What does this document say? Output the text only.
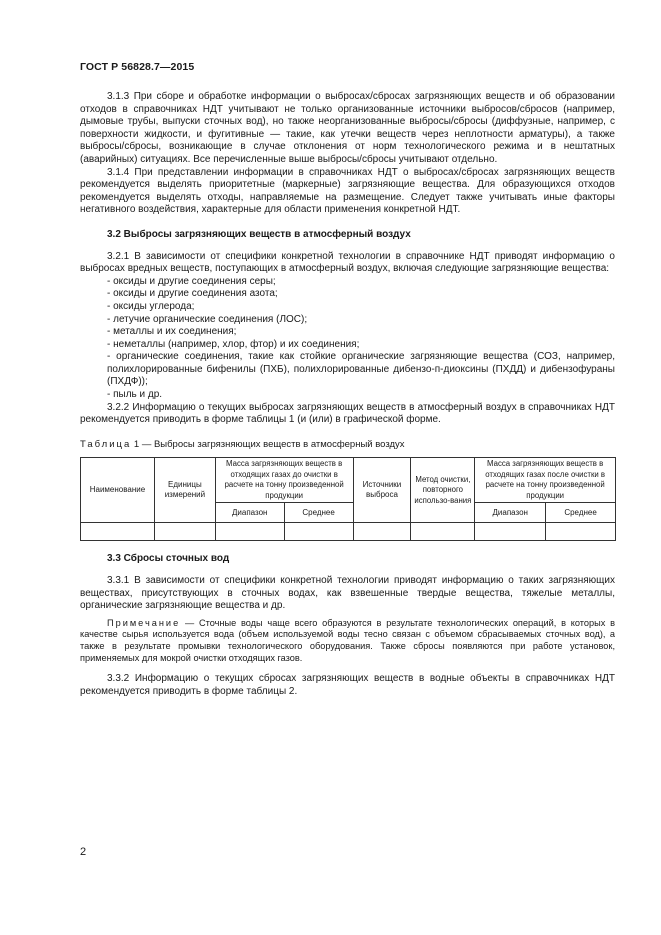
ГОСТ Р 56828.7—2015

3.1.3 При сборе и обработке информации о выбросах/сбросах загрязняющих веществ и об образовании отходов в справочниках НДТ учитывают не только организованные источники выбросов/сбросов (например, дымовые трубы, выпуски сточных вод), но также неорганизованные выбросы/сбросы (диффузные, например, с поверхности жидкости, и фугитивные — такие, как утечки веществ через неплотности арматуры), а также выбросы/сбросы, возникающие в случае отклонения от норм технологического режима и в нештатных (аварийных) ситуациях. Все перечисленные выше выбросы/сбросы учитывают отдельно.

3.1.4 При представлении информации в справочниках НДТ о выбросах/сбросах загрязняющих веществ рекомендуется выделять приоритетные (маркерные) загрязняющие вещества. Для образующихся отходов рекомендуется выделять отходы, направляемые на размещение. Следует также учитывать иные факторы негативного воздействия, характерные для области применения конкретной НДТ.

3.2 Выбросы загрязняющих веществ в атмосферный воздух

3.2.1 В зависимости от специфики конкретной технологии в справочнике НДТ приводят информацию о выбросах вредных веществ, поступающих в атмосферный воздух, включая следующие загрязняющие вещества:

- оксиды и другие соединения серы;
- оксиды и другие соединения азота;
- оксиды углерода;
- летучие органические соединения (ЛОС);
- металлы и их соединения;
- неметаллы (например, хлор, фтор) и их соединения;
- органические соединения, такие как стойкие органические загрязняющие вещества (СОЗ, например, полихлорированные бифенилы (ПХБ), полихлорированные дибензо-п-диоксины (ПХДД) и дибензофураны (ПХДФ));
- пыль и др.

3.2.2 Информацию о текущих выбросах загрязняющих веществ в атмосферный воздух в справочниках НДТ рекомендуется приводить в форме таблицы 1 (и (или) в графической форме.

Таблица 1 — Выбросы загрязняющих веществ в атмосферный воздух

Наименование	Единицы измерений	Масса загрязняющих веществ в отходящих газах до очистки в расчете на тонну произведенной продукции		Источники выброса	Метод очистки, повторного использо-вания	Масса загрязняющих веществ в отходящих газах после очистки в расчете на тонну произведенной продукции	
		Диапазон	Среднее			Диапазон	Среднее

3.3 Сбросы сточных вод

3.3.1 В зависимости от специфики конкретной технологии приводят информацию о таких загрязняющих веществах, присутствующих в сточных водах, как взвешенные твердые вещества, тяжелые металлы, органические загрязняющие вещества и др.

Примечание — Сточные воды чаще всего образуются в результате технологических операций, в которых в качестве сырья используется вода (объем используемой воды тесно связан с объемом сбрасываемых сточных вод), а также в результате промывки технологического оборудования. Также сбросы появляются при работе установок, применяемых для мокрой очистки отходящих газов.

3.3.2 Информацию о текущих сбросах загрязняющих веществ в водные объекты в справочниках НДТ рекомендуется приводить в форме таблицы 2.

2
